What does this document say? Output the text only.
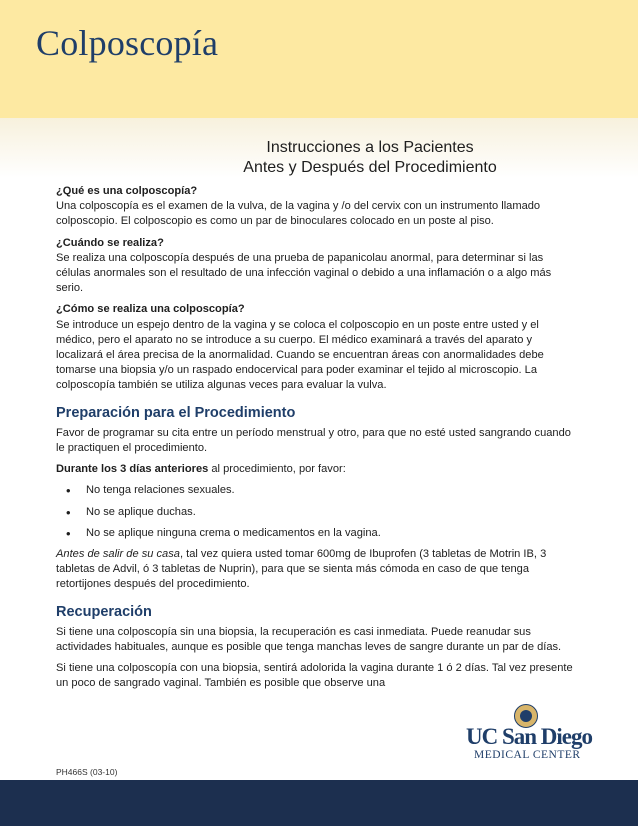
Colposcopía
Instrucciones a los Pacientes
Antes y Después del Procedimiento

¿Qué es una colposcopía?
Una colposcopía es el examen de la vulva, de la vagina y /o del cervix con un instrumento llamado colposcopio. El colposcopio es como un par de binoculares colocado en un poste al piso.

¿Cuándo se realiza?
Se realiza una colposcopía después de una prueba de papanicolau anormal, para determinar si las células anormales son el resultado de una infección vaginal o debido a una inflamación o a algo más serio.

¿Cómo se realiza una colposcopía?
Se introduce un espejo dentro de la vagina y se coloca el colposcopio en un poste entre usted y el médico, pero el aparato no se introduce a su cuerpo. El médico examinará a través del aparato y localizará el área precisa de la anormalidad. Cuando se encuentran áreas con anormalidades debe tomarse una biopsia y/o un raspado endocervical para poder examinar el tejido al microscopio. La colposcopía también se utiliza algunas veces para evaluar la vulva.

Preparación para el Procedimiento

Favor de programar su cita entre un período menstrual y otro, para que no esté usted sangrando cuando le practiquen el procedimiento.

Durante los 3 días anteriores al procedimiento, por favor:

• No tenga relaciones sexuales.
• No se aplique duchas.
• No se aplique ninguna crema o medicamentos en la vagina.

Antes de salir de su casa, tal vez quiera usted tomar 600mg de Ibuprofen (3 tabletas de Motrin IB, 3 tabletas de Advil, ó 3 tabletas de Nuprin), para que se sienta más cómoda en caso de que tenga retortijones después del procedimiento.

Recuperación

Si tiene una colposcopía sin una biopsia, la recuperación es casi inmediata. Puede reanudar sus actividades habituales, aunque es posible que tenga manchas leves de sangre durante un par de días.

Si tiene una colposcopía con una biopsia, sentirá adolorida la vagina durante 1 ó 2 días. Tal vez presente un poco de sangrado vaginal. También es posible que observe una

UC San Diego
MEDICAL CENTER
PH466S (03-10)
